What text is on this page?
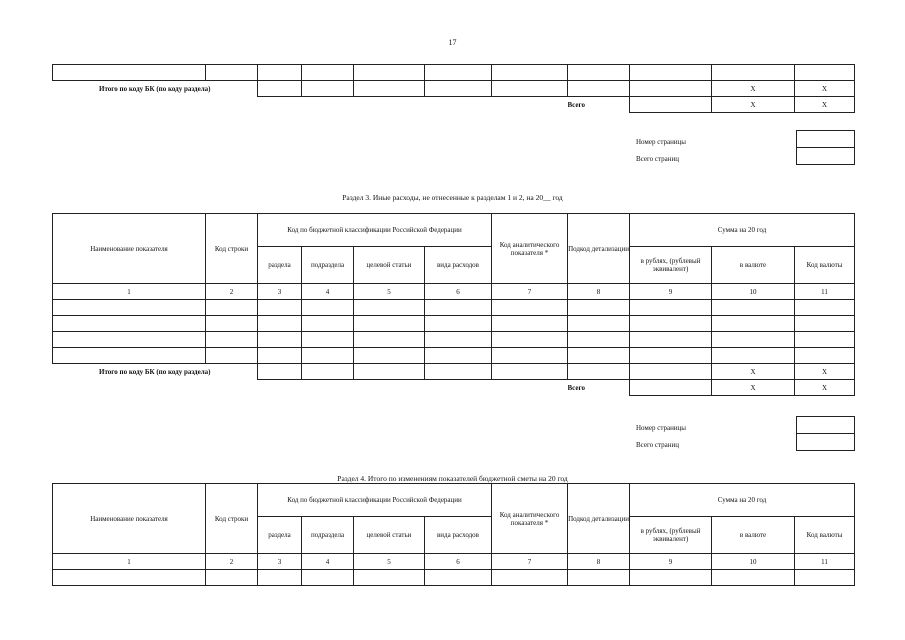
17

Итого по коду БК (по коду раздела)									X	X
							Всего		X	X
Номер страницы
Всего страниц
Раздел 3. Иные расходы, не отнесенные к разделам 1 и 2, на 20__ год
Наименование показателя	Код строки	Код по бюджетной классификации Российской Федерации				Код аналитического показателя *	Подкод детализации	Сумма на 20 год		
		раздела	подраздела	целевой статьи	вида расходов			в рублях, (рублевый эквивалент)	в валюте	Код валюты
1	2	3	4	5	6	7	8	9	10	11

Итого по коду БК (по коду раздела)									X	X
							Всего		X	X
Номер страницы
Всего страниц
Раздел 4. Итого по изменениям показателей бюджетной сметы на 20 год
Наименование показателя	Код строки	Код по бюджетной классификации Российской Федерации				Код аналитического показателя *	Подкод детализации	Сумма на 20 год		
		раздела	подраздела	целевой статьи	вида расходов			в рублях, (рублевый эквивалент)	в валюте	Код валюты
1	2	3	4	5	6	7	8	9	10	11
